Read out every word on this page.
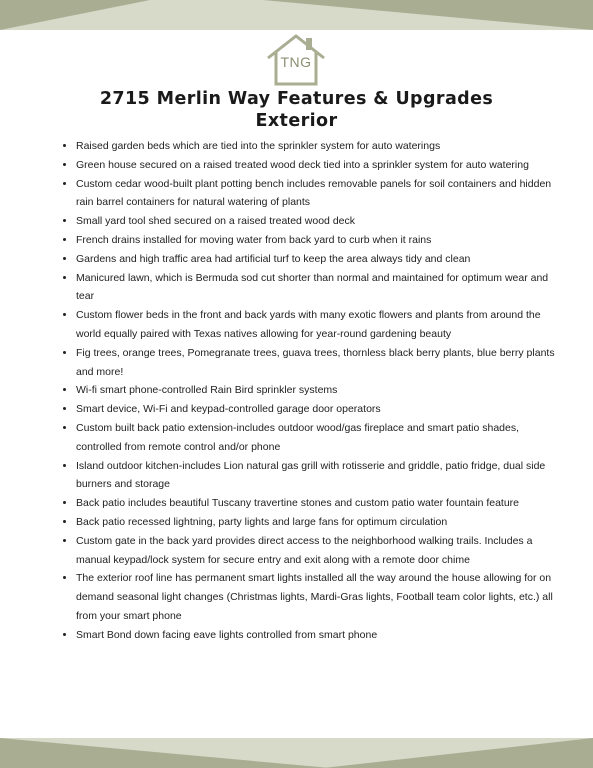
TNG
2715 Merlin Way Features & Upgrades
Exterior
• Raised garden beds which are tied into the sprinkler system for auto waterings
• Green house secured on a raised treated wood deck tied into a sprinkler system for auto watering
• Custom cedar wood-built plant potting bench includes removable panels for soil containers and hidden rain barrel containers for natural watering of plants
• Small yard tool shed secured on a raised treated wood deck
• French drains installed for moving water from back yard to curb when it rains
• Gardens and high traffic area had artificial turf to keep the area always tidy and clean
• Manicured lawn, which is Bermuda sod cut shorter than normal and maintained for optimum wear and tear
• Custom flower beds in the front and back yards with many exotic flowers and plants from around the world equally paired with Texas natives allowing for year-round gardening beauty
• Fig trees, orange trees, Pomegranate trees, guava trees, thornless black berry plants, blue berry plants and more!
• Wi-fi smart phone-controlled Rain Bird sprinkler systems
• Smart device, Wi-Fi and keypad-controlled garage door operators
• Custom built back patio extension-includes outdoor wood/gas fireplace and smart patio shades, controlled from remote control and/or phone
• Island outdoor kitchen-includes Lion natural gas grill with rotisserie and griddle, patio fridge, dual side burners and storage
• Back patio includes beautiful Tuscany travertine stones and custom patio water fountain feature
• Back patio recessed lightning, party lights and large fans for optimum circulation
• Custom gate in the back yard provides direct access to the neighborhood walking trails. Includes a manual keypad/lock system for secure entry and exit along with a remote door chime
• The exterior roof line has permanent smart lights installed all the way around the house allowing for on demand seasonal light changes (Christmas lights, Mardi-Gras lights, Football team color lights, etc.) all from your smart phone
• Smart Bond down facing eave lights controlled from smart phone
